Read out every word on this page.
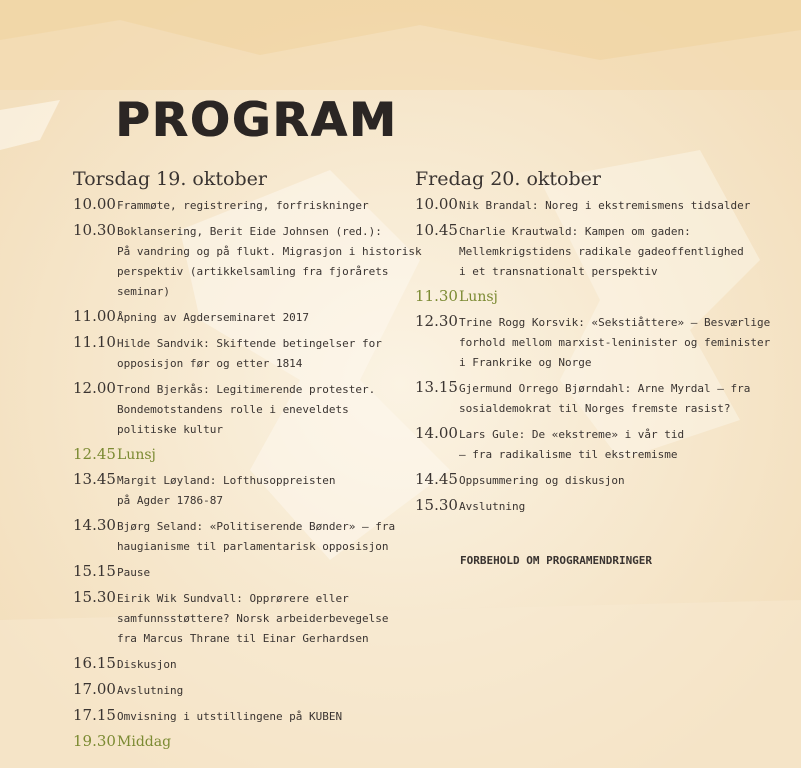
PROGRAM
Torsdag 19. oktober
10.00 Frammøte, registrering, forfriskninger
10.30 Boklansering, Berit Eide Johnsen (red.):
På vandring og på flukt. Migrasjon i historisk
perspektiv (artikkelsamling fra fjorårets
seminar)
11.00 Åpning av Agderseminaret 2017
11.10 Hilde Sandvik: Skiftende betingelser for
opposisjon før og etter 1814
12.00 Trond Bjerkås: Legitimerende protester.
Bondemotstandens rolle i eneveldets
politiske kultur
12.45 Lunsj
13.45 Margit Løyland: Lofthusoppreisten
på Agder 1786-87
14.30 Bjørg Seland: «Politiserende Bønder» – fra
haugianisme til parlamentarisk opposisjon
15.15 Pause
15.30 Eirik Wik Sundvall: Opprørere eller
samfunnsstøttere? Norsk arbeiderbevegelse
fra Marcus Thrane til Einar Gerhardsen
16.15 Diskusjon
17.00 Avslutning
17.15 Omvisning i utstillingene på KUBEN
19.30 Middag
Fredag 20. oktober
10.00 Nik Brandal: Noreg i ekstremismens tidsalder
10.45 Charlie Krautwald: Kampen om gaden:
Mellemkrigstidens radikale gadeoffentlighed
i et transnationalt perspektiv
11.30 Lunsj
12.30 Trine Rogg Korsvik: «Sekstiåttere» – Besværlige
forhold mellom marxist-leninister og feminister
i Frankrike og Norge
13.15 Gjermund Orrego Bjørndahl: Arne Myrdal – fra
sosialdemokrat til Norges fremste rasist?
14.00 Lars Gule: De «ekstreme» i vår tid
– fra radikalisme til ekstremisme
14.45 Oppsummering og diskusjon
15.30 Avslutning
FORBEHOLD OM PROGRAMENDRINGER
